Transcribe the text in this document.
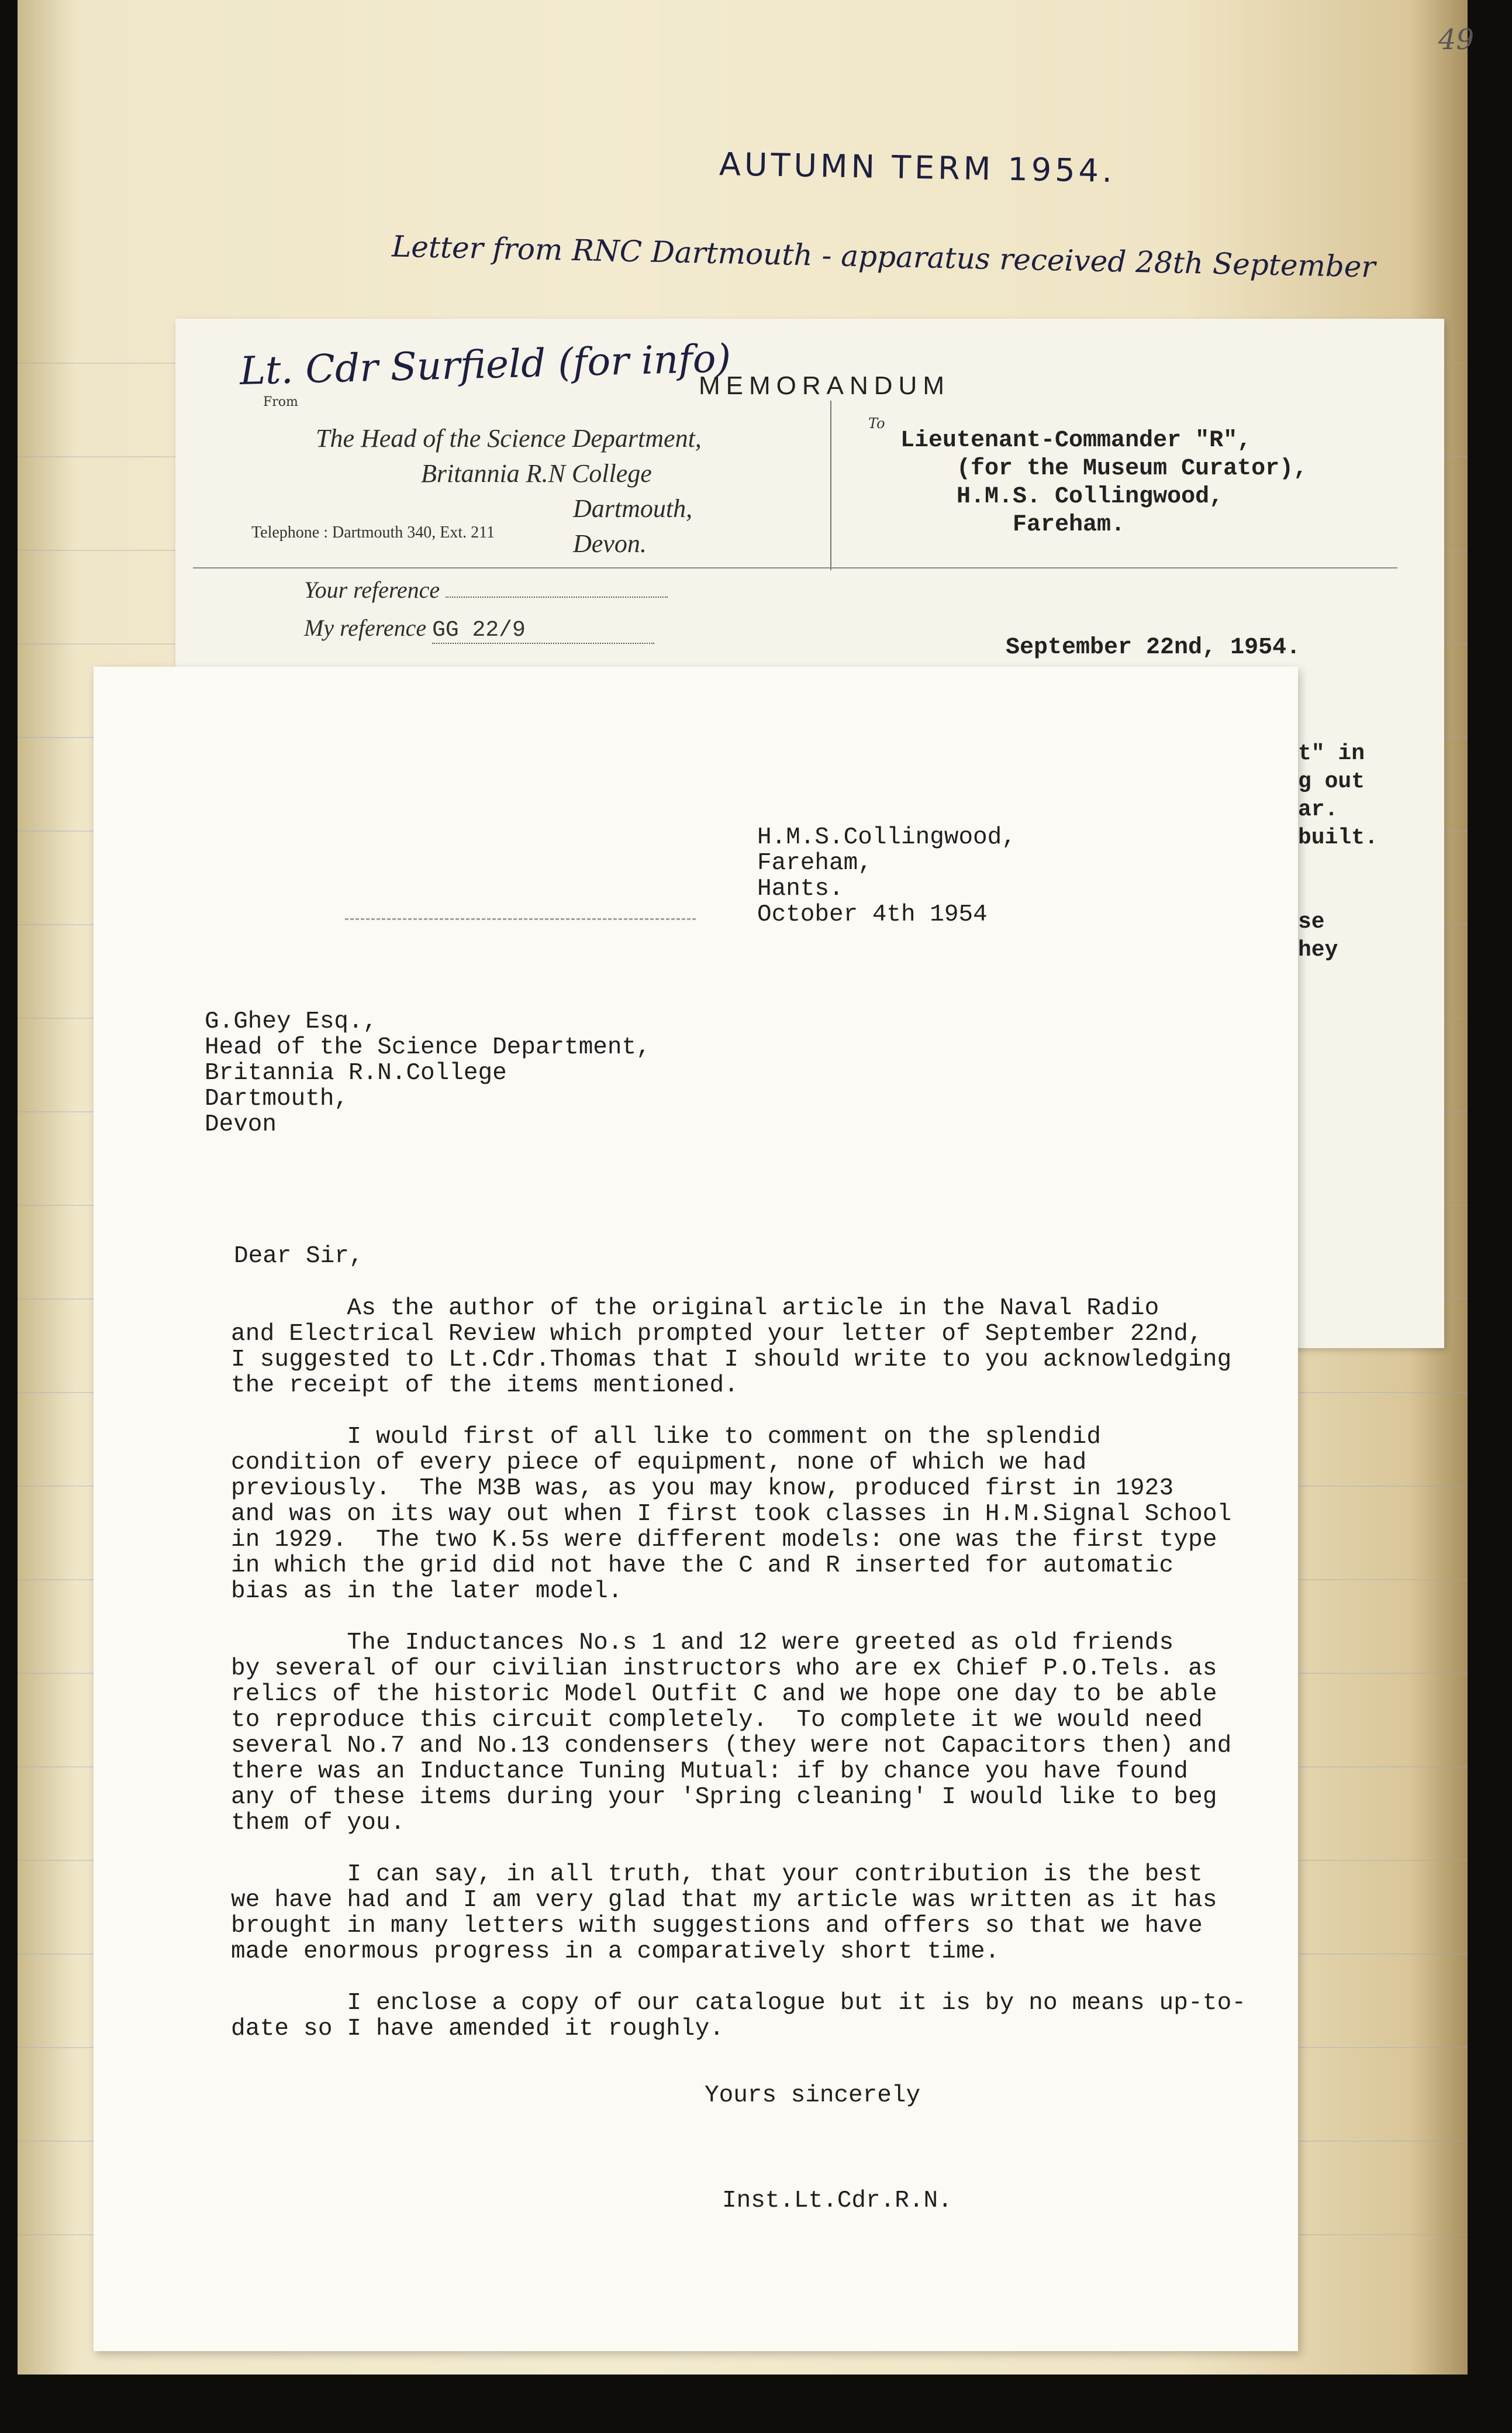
49
AUTUMN TERM 1954.
Letter from RNC Dartmouth - apparatus received 28th September
Lt. Cdr Surfield (for info)
From
MEMORANDUM
The Head of the Science Department,
Britannia R.N College
Dartmouth, Devon.
To
Lieutenant-Commander "R",
(for the Museum Curator),
H.M.S. Collingwood,
Fareham.
Telephone : Dartmouth 340, Ext. 211
Your reference
My reference GG 22/9
September 22nd, 1954.
t" in
g out
ar.
built.

se
hey
H.M.S.Collingwood,
Fareham,
Hants.
October 4th 1954
G.Ghey Esq.,
Head of the Science Department,
Britannia R.N.College
Dartmouth,
Devon
Dear Sir,

As the author of the original article in the Naval Radio
and Electrical Review which prompted your letter of September 22nd,
I suggested to Lt.Cdr.Thomas that I should write to you acknowledging
the receipt of the items mentioned.

I would first of all like to comment on the splendid
condition of every piece of equipment, none of which we had
previously.  The M3B was, as you may know, produced first in 1923
and was on its way out when I first took classes in H.M.Signal School
in 1929.  The two K.5s were different models: one was the first type
in which the grid did not have the C and R inserted for automatic
bias as in the later model.

The Inductances No.s 1 and 12 were greeted as old friends
by several of our civilian instructors who are ex Chief P.O.Tels. as
relics of the historic Model Outfit C and we hope one day to be able
to reproduce this circuit completely.  To complete it we would need
several No.7 and No.13 condensers (they were not Capacitors then) and
there was an Inductance Tuning Mutual: if by chance you have found
any of these items during your 'Spring cleaning' I would like to beg
them of you.

I can say, in all truth, that your contribution is the best
we have had and I am very glad that my article was written as it has
brought in many letters with suggestions and offers so that we have
made enormous progress in a comparatively short time.

I enclose a copy of our catalogue but it is by no means up-to-
date so I have amended it roughly.

Yours sincerely
Inst.Lt.Cdr.R.N.
